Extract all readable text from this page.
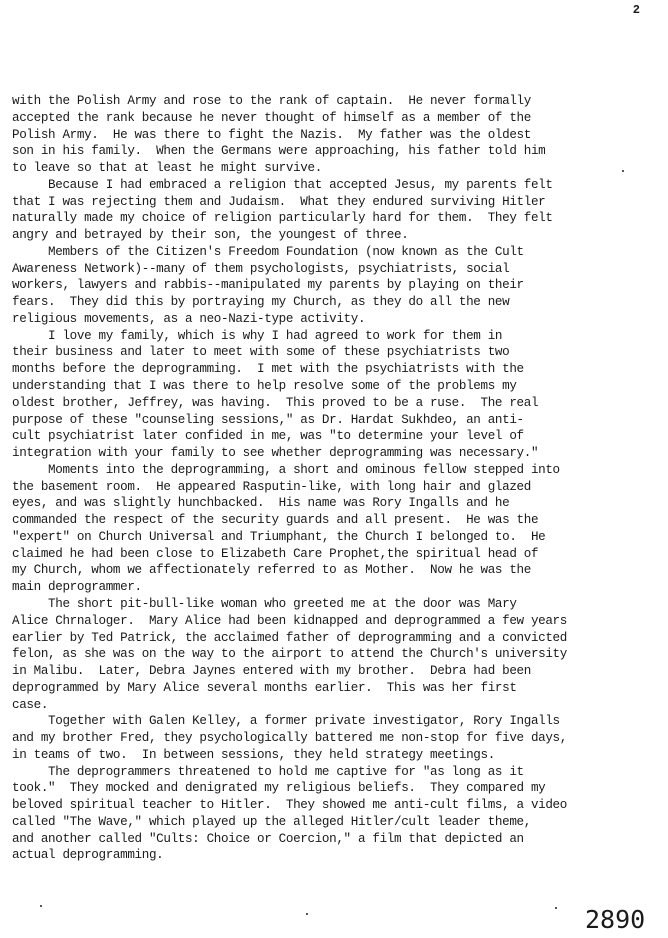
2
with the Polish Army and rose to the rank of captain.  He never formally
accepted the rank because he never thought of himself as a member of the
Polish Army.  He was there to fight the Nazis.  My father was the oldest
son in his family.  When the Germans were approaching, his father told him
to leave so that at least he might survive.
Because I had embraced a religion that accepted Jesus, my parents felt
that I was rejecting them and Judaism.  What they endured surviving Hitler
naturally made my choice of religion particularly hard for them.  They felt
angry and betrayed by their son, the youngest of three.
Members of the Citizen's Freedom Foundation (now known as the Cult
Awareness Network)--many of them psychologists, psychiatrists, social
workers, lawyers and rabbis--manipulated my parents by playing on their
fears.  They did this by portraying my Church, as they do all the new
religious movements, as a neo-Nazi-type activity.
I love my family, which is why I had agreed to work for them in
their business and later to meet with some of these psychiatrists two
months before the deprogramming.  I met with the psychiatrists with the
understanding that I was there to help resolve some of the problems my
oldest brother, Jeffrey, was having.  This proved to be a ruse.  The real
purpose of these "counseling sessions," as Dr. Hardat Sukhdeo, an anti-
cult psychiatrist later confided in me, was "to determine your level of
integration with your family to see whether deprogramming was necessary."
Moments into the deprogramming, a short and ominous fellow stepped into
the basement room.  He appeared Rasputin-like, with long hair and glazed
eyes, and was slightly hunchbacked.  His name was Rory Ingalls and he
commanded the respect of the security guards and all present.  He was the
"expert" on Church Universal and Triumphant, the Church I belonged to.  He
claimed he had been close to Elizabeth Care Prophet,the spiritual head of
my Church, whom we affectionately referred to as Mother.  Now he was the
main deprogrammer.
The short pit-bull-like woman who greeted me at the door was Mary
Alice Chrnaloger.  Mary Alice had been kidnapped and deprogrammed a few years
earlier by Ted Patrick, the acclaimed father of deprogramming and a convicted
felon, as she was on the way to the airport to attend the Church's university
in Malibu.  Later, Debra Jaynes entered with my brother.  Debra had been
deprogrammed by Mary Alice several months earlier.  This was her first
case.
Together with Galen Kelley, a former private investigator, Rory Ingalls
and my brother Fred, they psychologically battered me non-stop for five days,
in teams of two.  In between sessions, they held strategy meetings.
The deprogrammers threatened to hold me captive for "as long as it
took."  They mocked and denigrated my religious beliefs.  They compared my
beloved spiritual teacher to Hitler.  They showed me anti-cult films, a video
called "The Wave," which played up the alleged Hitler/cult leader theme,
and another called "Cults: Choice or Coercion," a film that depicted an
actual deprogramming.
2890
